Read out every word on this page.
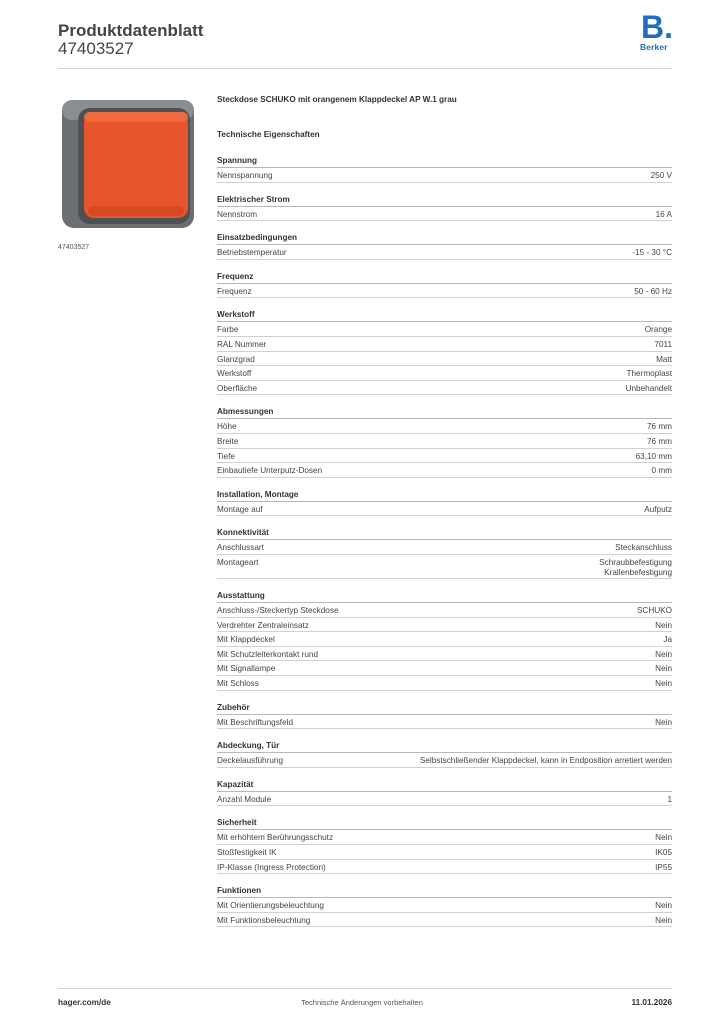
Produktdatenblatt
47403527
B.
Berker
47403527
Steckdose SCHUKO mit orangenem Klappdeckel AP W.1 grau
Technische Eigenschaften
Spannung
Nennspannung	250 V
Elektrischer Strom
Nennstrom	16 A
Einsatzbedingungen
Betriebstemperatur	-15 - 30 °C
Frequenz
Frequenz	50 - 60 Hz
Werkstoff
Farbe	Orange
RAL Nummer	7011
Glanzgrad	Matt
Werkstoff	Thermoplast
Oberfläche	Unbehandelt
Abmessungen
Höhe	76 mm
Breite	76 mm
Tiefe	63,10 mm
Einbautiefe Unterputz-Dosen	0 mm
Installation, Montage
Montage auf	Aufputz
Konnektivität
Anschlussart	Steckanschluss
Montageart	Schraubbefestigung
Krallenbefestigung
Ausstattung
Anschluss-/Steckertyp Steckdose	SCHUKO
Verdrehter Zentraleinsatz	Nein
Mit Klappdeckel	Ja
Mit Schutzleiterkontakt rund	Nein
Mit Signallampe	Nein
Mit Schloss	Nein
Zubehör
Mit Beschriftungsfeld	Nein
Abdeckung, Tür
Deckelausführung	Selbstschließender Klappdeckel, kann in Endposition arretiert werden
Kapazität
Anzahl Module	1
Sicherheit
Mit erhöhtem Berührungsschutz	Nein
Stoßfestigkeit IK	IK05
IP-Klasse (Ingress Protection)	IP55
Funktionen
Mit Orientierungsbeleuchtung	Nein
Mit Funktionsbeleuchtung	Nein
hager.com/de	Technische Änderungen vorbehalten	11.01.2026
